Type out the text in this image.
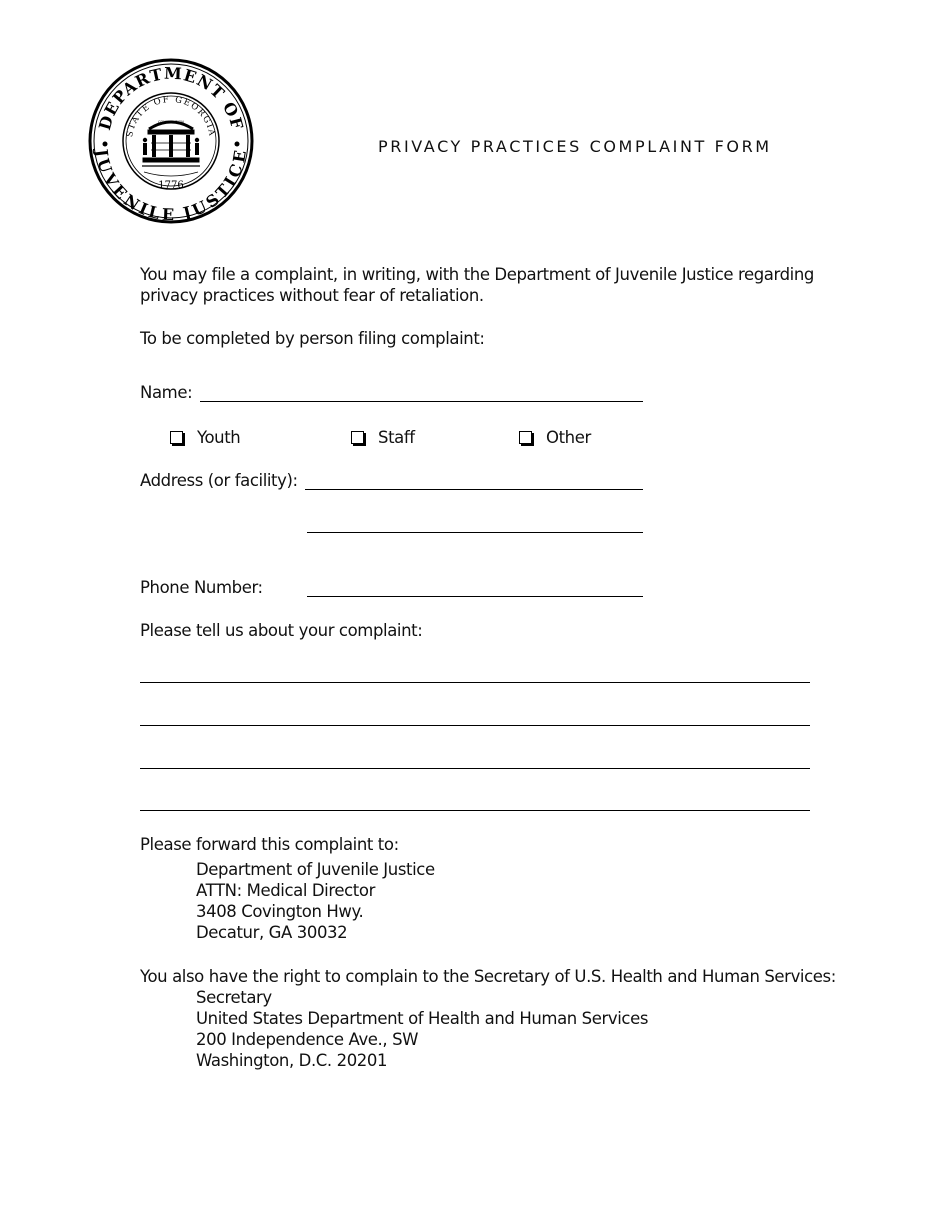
DEPARTMENT OF
JUVENILE JUSTICE
STATE OF GEORGIA
1776
CONSTITUTION
PRIVACY PRACTICES COMPLAINT FORM
You may file a complaint, in writing, with the Department of Juvenile Justice regarding
privacy practices without fear of retaliation.
To be completed by person filing complaint:
Name:
Youth	Staff	Other
Address (or facility):
Phone Number:
Please tell us about your complaint:
Please forward this complaint to:
Department of Juvenile Justice
ATTN: Medical Director
3408 Covington Hwy.
Decatur, GA 30032
You also have the right to complain to the Secretary of U.S. Health and Human Services:
Secretary
United States Department of Health and Human Services
200 Independence Ave., SW
Washington, D.C. 20201
